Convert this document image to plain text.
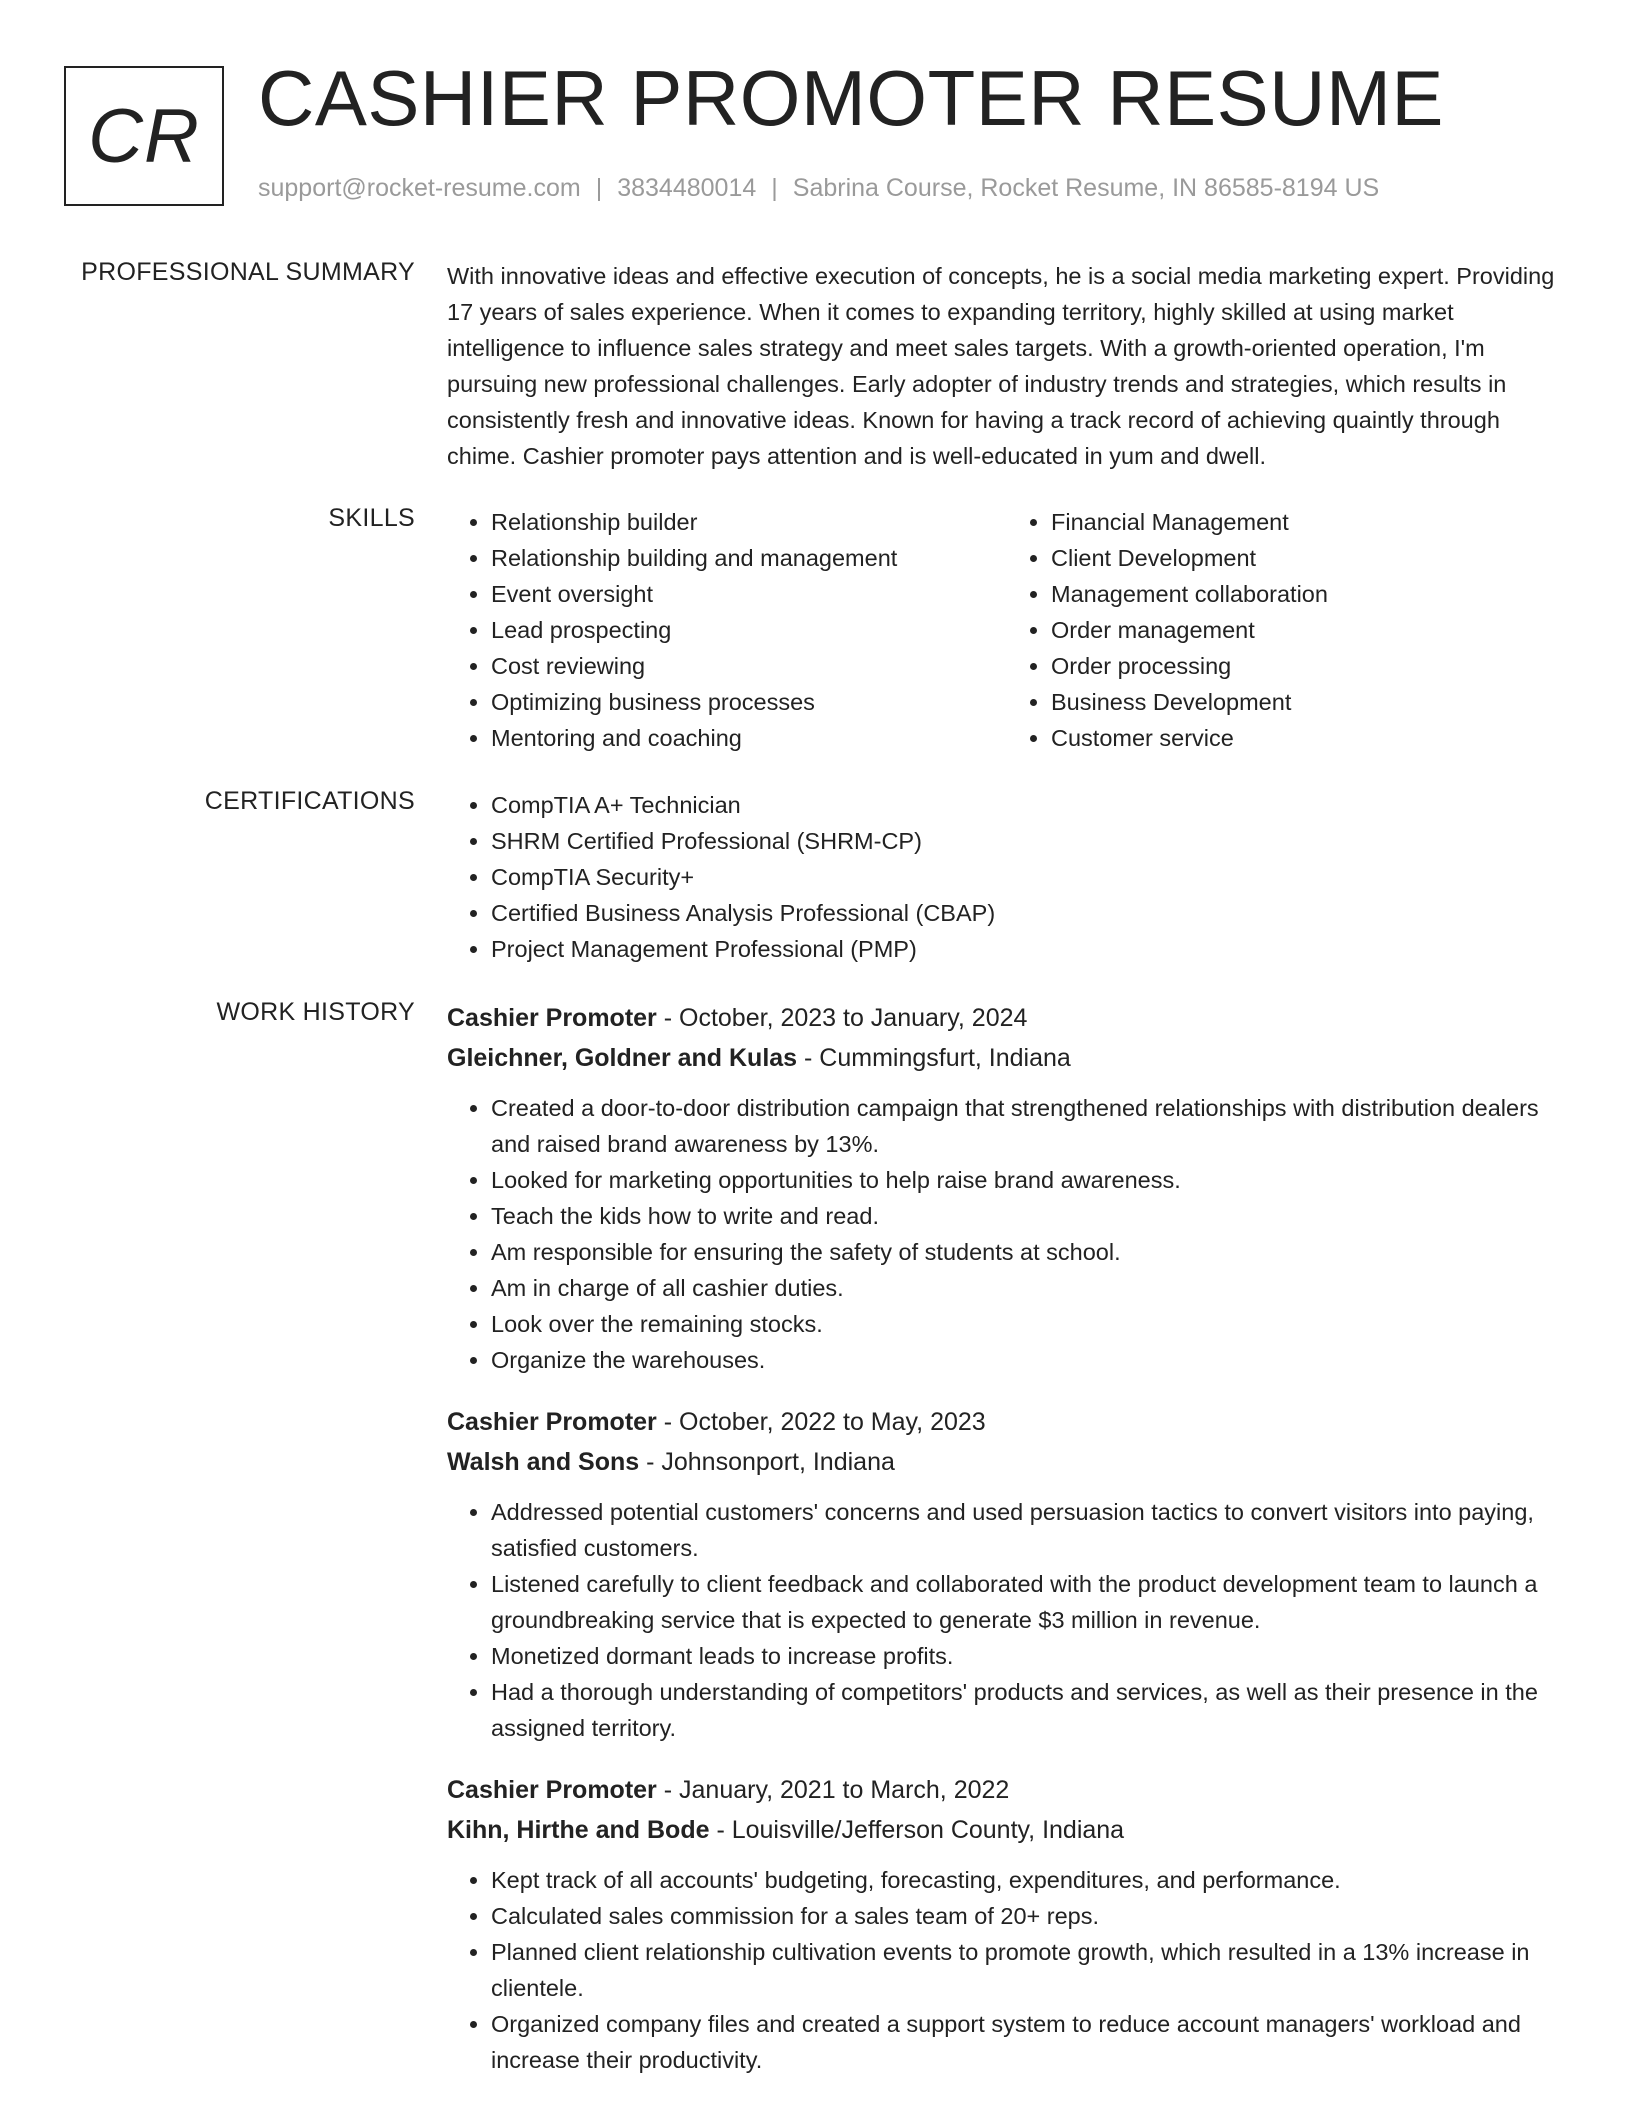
CR CASHIER PROMOTER RESUME
support@rocket-resume.com | 3834480014 | Sabrina Course, Rocket Resume, IN 86585-8194 US
PROFESSIONAL SUMMARY With innovative ideas and effective execution of concepts, he is a social media marketing expert. Providing 17 years of sales experience. When it comes to expanding territory, highly skilled at using market intelligence to influence sales strategy and meet sales targets. With a growth-oriented operation, I'm pursuing new professional challenges. Early adopter of industry trends and strategies, which results in consistently fresh and innovative ideas. Known for having a track record of achieving quaintly through chime. Cashier promoter pays attention and is well-educated in yum and dwell.
SKILLS	• Relationship builder
• Relationship building and management
• Event oversight
• Lead prospecting
• Cost reviewing
• Optimizing business processes
• Mentoring and coaching
• Financial Management
• Client Development
• Management collaboration
• Order management
• Order processing
• Business Development
• Customer service
CERTIFICATIONS	• CompTIA A+ Technician
• SHRM Certified Professional (SHRM-CP)
• CompTIA Security+
• Certified Business Analysis Professional (CBAP)
• Project Management Professional (PMP)
WORK HISTORY Cashier Promoter - October, 2023 to January, 2024
Gleichner, Goldner and Kulas - Cummingsfurt, Indiana
• Created a door-to-door distribution campaign that strengthened relationships with distribution dealers and raised brand awareness by 13%.
• Looked for marketing opportunities to help raise brand awareness.
• Teach the kids how to write and read.
• Am responsible for ensuring the safety of students at school.
• Am in charge of all cashier duties.
• Look over the remaining stocks.
• Organize the warehouses.
Cashier Promoter - October, 2022 to May, 2023
Walsh and Sons - Johnsonport, Indiana
• Addressed potential customers' concerns and used persuasion tactics to convert visitors into paying, satisfied customers.
• Listened carefully to client feedback and collaborated with the product development team to launch a groundbreaking service that is expected to generate $3 million in revenue.
• Monetized dormant leads to increase profits.
• Had a thorough understanding of competitors' products and services, as well as their presence in the assigned territory.
Cashier Promoter - January, 2021 to March, 2022
Kihn, Hirthe and Bode - Louisville/Jefferson County, Indiana
• Kept track of all accounts' budgeting, forecasting, expenditures, and performance.
• Calculated sales commission for a sales team of 20+ reps.
• Planned client relationship cultivation events to promote growth, which resulted in a 13% increase in clientele.
• Organized company files and created a support system to reduce account managers' workload and increase their productivity.
